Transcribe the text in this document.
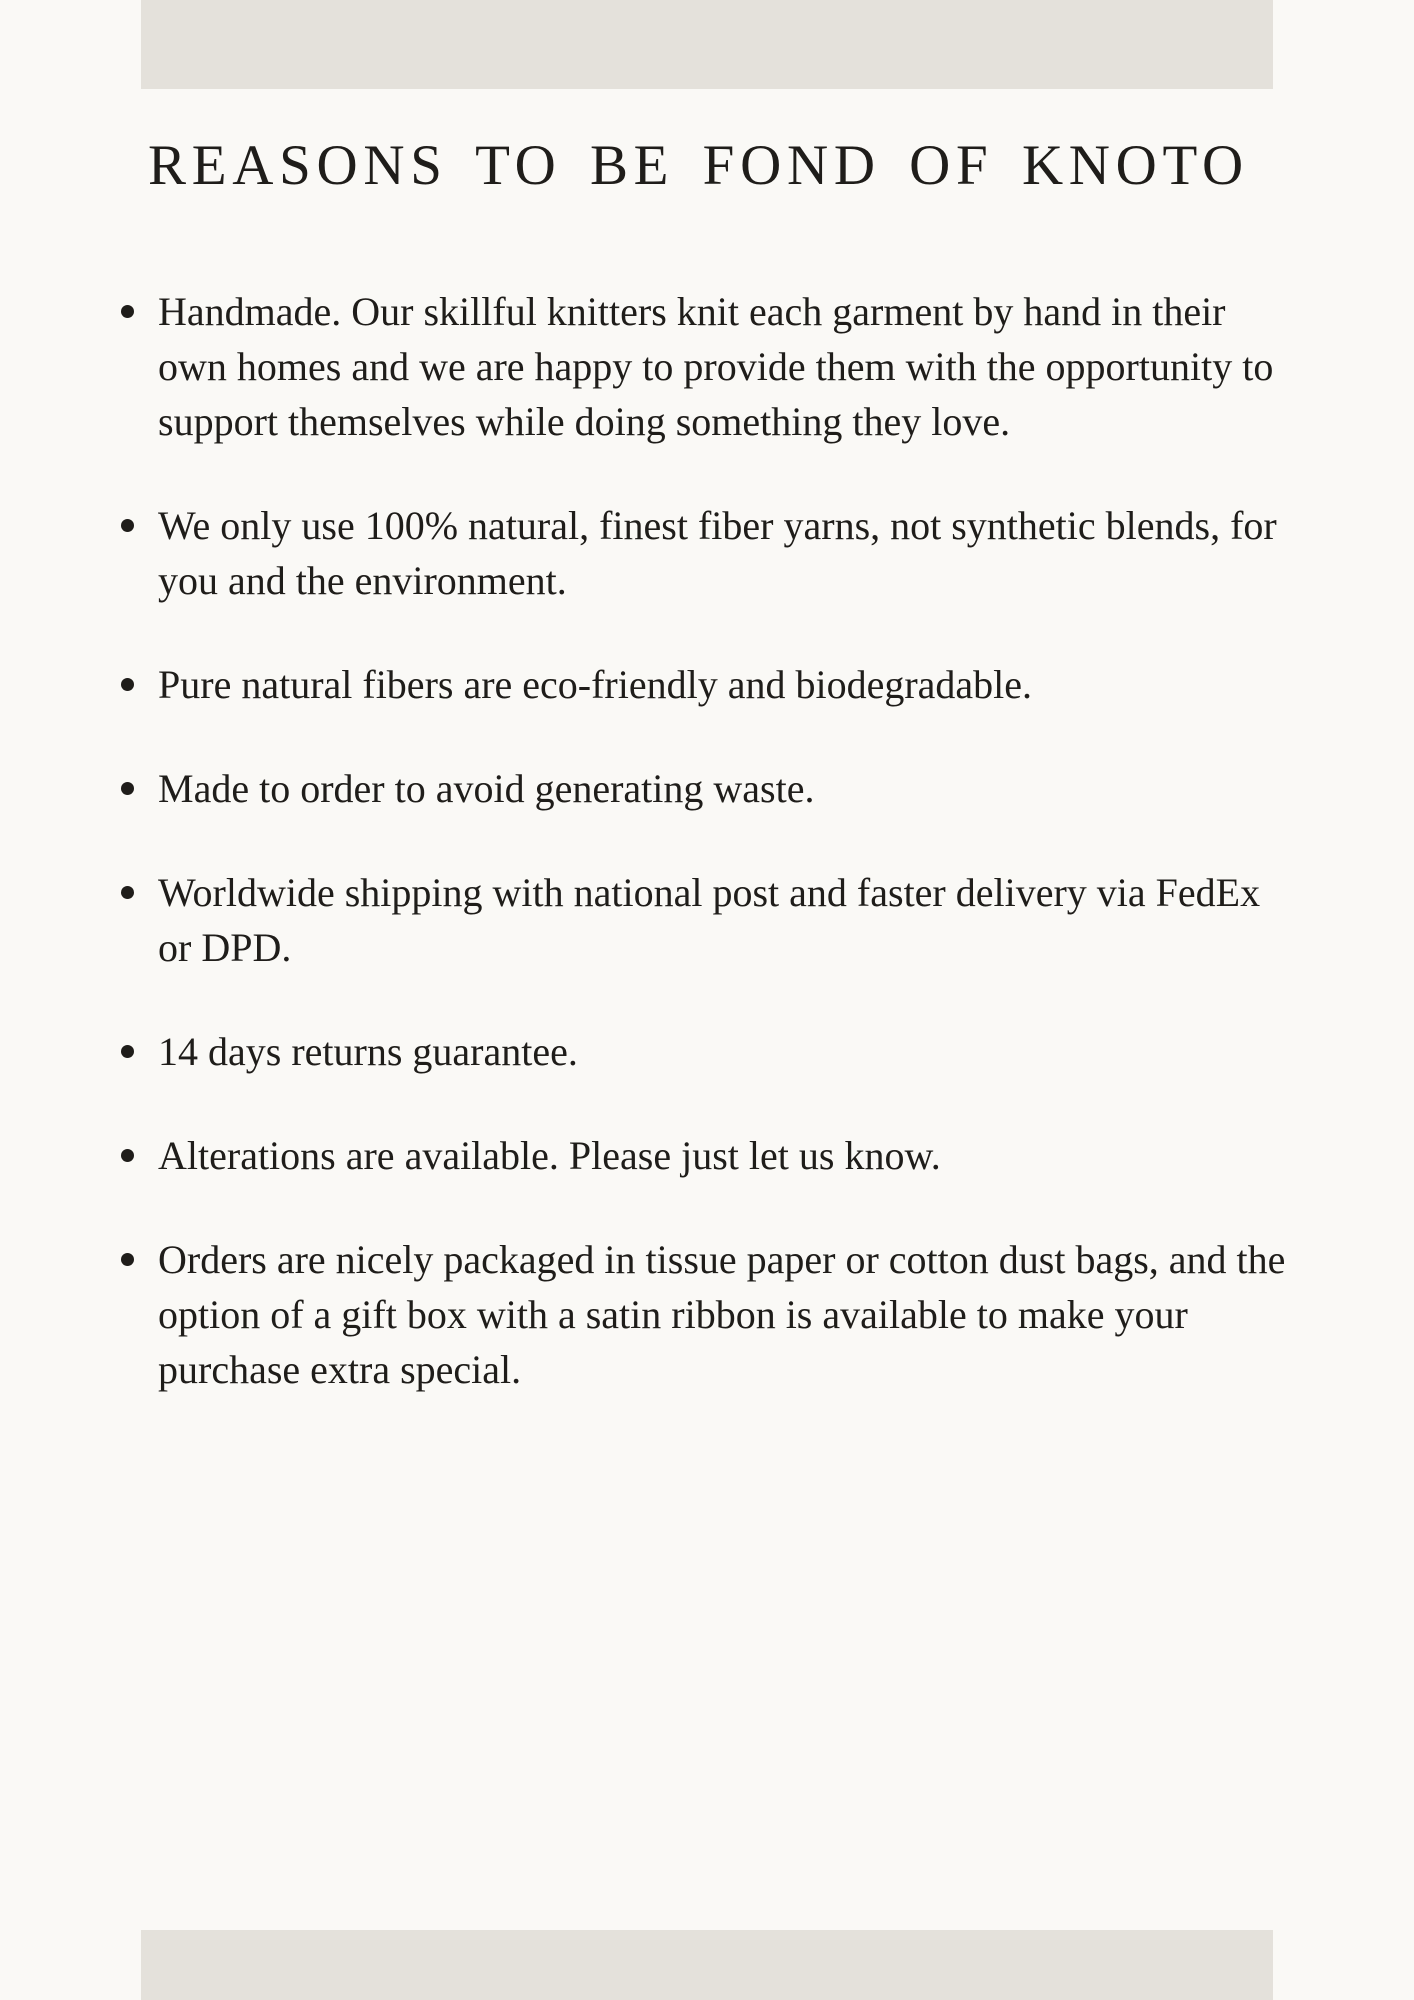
REASONS TO BE FOND OF KNOTO
Handmade. Our skillful knitters knit each garment by hand in their
own homes and we are happy to provide them with the opportunity to
support themselves while doing something they love.
We only use 100% natural, finest fiber yarns, not synthetic blends, for
you and the environment.
Pure natural fibers are eco-friendly and biodegradable.
Made to order to avoid generating waste.
Worldwide shipping with national post and faster delivery via FedEx
or DPD.
14 days returns guarantee.
Alterations are available. Please just let us know.
Orders are nicely packaged in tissue paper or cotton dust bags, and the
option of a gift box with a satin ribbon is available to make your
purchase extra special.
